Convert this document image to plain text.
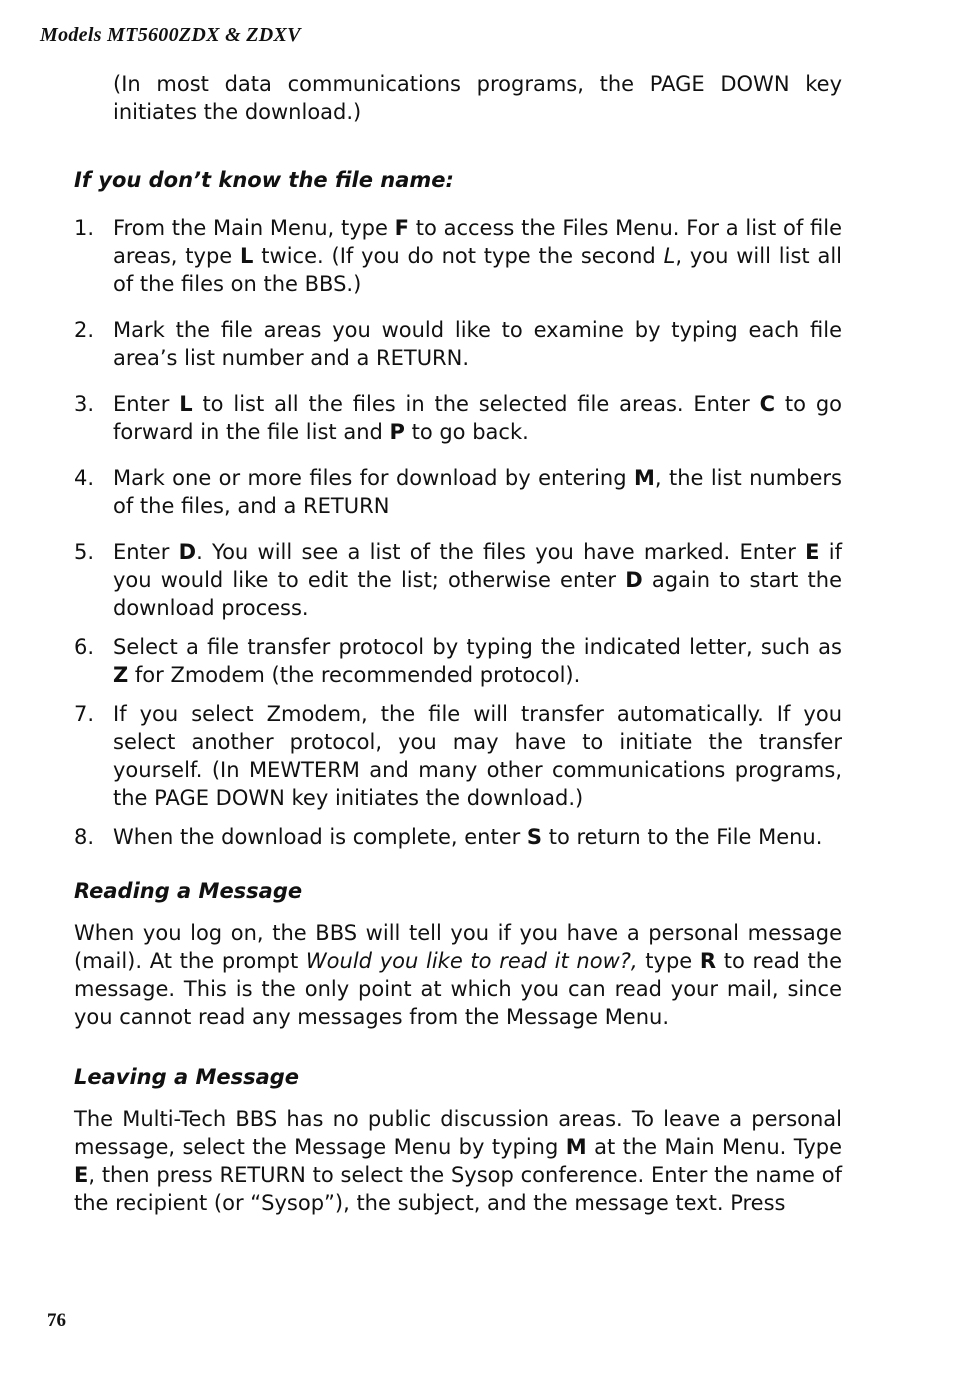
Models MT5600ZDX & ZDXV

(In most data communications programs, the PAGE DOWN key initiates the download.)

If you don’t know the file name:
1. From the Main Menu, type F to access the Files Menu. For a list of file areas, type L twice. (If you do not type the second L, you will list all of the files on the BBS.)
2. Mark the file areas you would like to examine by typing each file area’s list number and a RETURN.
3. Enter L to list all the files in the selected file areas. Enter C to go forward in the file list and P to go back.
4. Mark one or more files for download by entering M, the list numbers of the files, and a RETURN
5. Enter D. You will see a list of the files you have marked. Enter E if you would like to edit the list; otherwise enter D again to start the download process.
6. Select a file transfer protocol by typing the indicated letter, such as Z for Zmodem (the recommended protocol).
7. If you select Zmodem, the file will transfer automatically. If you select another protocol, you may have to initiate the transfer yourself. (In MEWTERM and many other communications programs, the PAGE DOWN key initiates the download.)
8. When the download is complete, enter S to return to the File Menu.
Reading a Message

When you log on, the BBS will tell you if you have a personal message (mail). At the prompt Would you like to read it now?, type R to read the message. This is the only point at which you can read your mail, since you cannot read any messages from the Message Menu.

Leaving a Message

The Multi-Tech BBS has no public discussion areas. To leave a personal message, select the Message Menu by typing M at the Main Menu. Type E, then press RETURN to select the Sysop conference. Enter the name of the recipient (or “Sysop”), the subject, and the message text. Press

76
